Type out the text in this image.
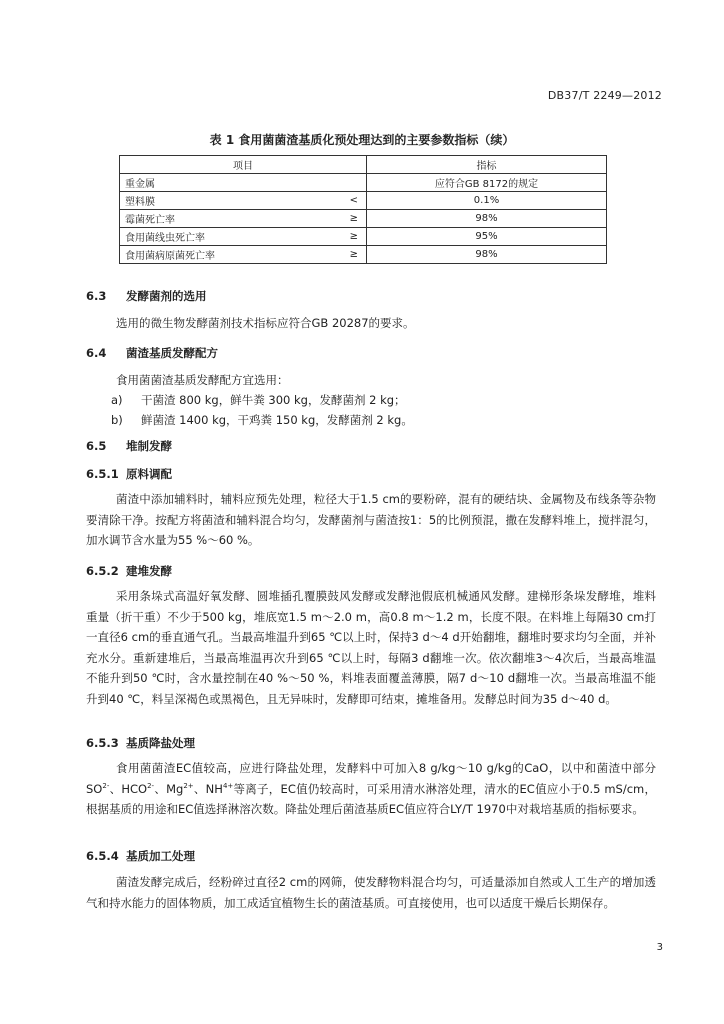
DB37/T 2249—2012
表 1 食用菌菌渣基质化预处理达到的主要参数指标（续）
项目		指标
重金属		应符合GB 8172的规定
塑料膜	<	0.1%
霉菌死亡率	≥	98%
食用菌线虫死亡率	≥	95%
食用菌病原菌死亡率	≥	98%
6.3 发酵菌剂的选用
选用的微生物发酵菌剂技术指标应符合GB 20287的要求。
6.4 菌渣基质发酵配方
食用菌菌渣基质发酵配方宜选用：
a) 干菌渣 800 kg，鲜牛粪 300 kg，发酵菌剂 2 kg；
b) 鲜菌渣 1400 kg，干鸡粪 150 kg，发酵菌剂 2 kg。
6.5 堆制发酵
6.5.1 原料调配
菌渣中添加辅料时，辅料应预先处理，粒径大于1.5 cm的要粉碎，混有的硬结块、金属物及布线条等杂物要清除干净。按配方将菌渣和辅料混合均匀，发酵菌剂与菌渣按1：5的比例预混，撒在发酵料堆上，搅拌混匀，加水调节含水量为55 %～60 %。
6.5.2 建堆发酵
采用条垛式高温好氧发酵、圆堆插孔覆膜鼓风发酵或发酵池假底机械通风发酵。建梯形条垛发酵堆，堆料重量（折干重）不少于500 kg，堆底宽1.5 m～2.0 m，高0.8 m～1.2 m，长度不限。在料堆上每隔30 cm打一直径6 cm的垂直通气孔。当最高堆温升到65 ℃以上时，保持3 d～4 d开始翻堆，翻堆时要求均匀全面，并补充水分。重新建堆后，当最高堆温再次升到65 ℃以上时，每隔3 d翻堆一次。依次翻堆3～4次后，当最高堆温不能升到50 ℃时，含水量控制在40 %～50 %，料堆表面覆盖薄膜，隔7 d～10 d翻堆一次。当最高堆温不能升到40 ℃，料呈深褐色或黑褐色，且无异味时，发酵即可结束，摊堆备用。发酵总时间为35 d～40 d。
6.5.3 基质降盐处理
食用菌菌渣EC值较高，应进行降盐处理，发酵料中可加入8 g/kg～10 g/kg的CaO，以中和菌渣中部分$SO^{2-}$、$HCO^{2-}$、$Mg^{2+}$、$NH^{4+}$等离子，EC值仍较高时，可采用清水淋溶处理，清水的EC值应小于0.5 mS/cm，根据基质的用途和EC值选择淋溶次数。降盐处理后菌渣基质EC值应符合LY/T 1970中对栽培基质的指标要求。
6.5.4 基质加工处理
菌渣发酵完成后，经粉碎过直径2 cm的网筛，使发酵物料混合均匀，可适量添加自然或人工生产的增加透气和持水能力的固体物质，加工成适宜植物生长的菌渣基质。可直接使用，也可以适度干燥后长期保存。
3
